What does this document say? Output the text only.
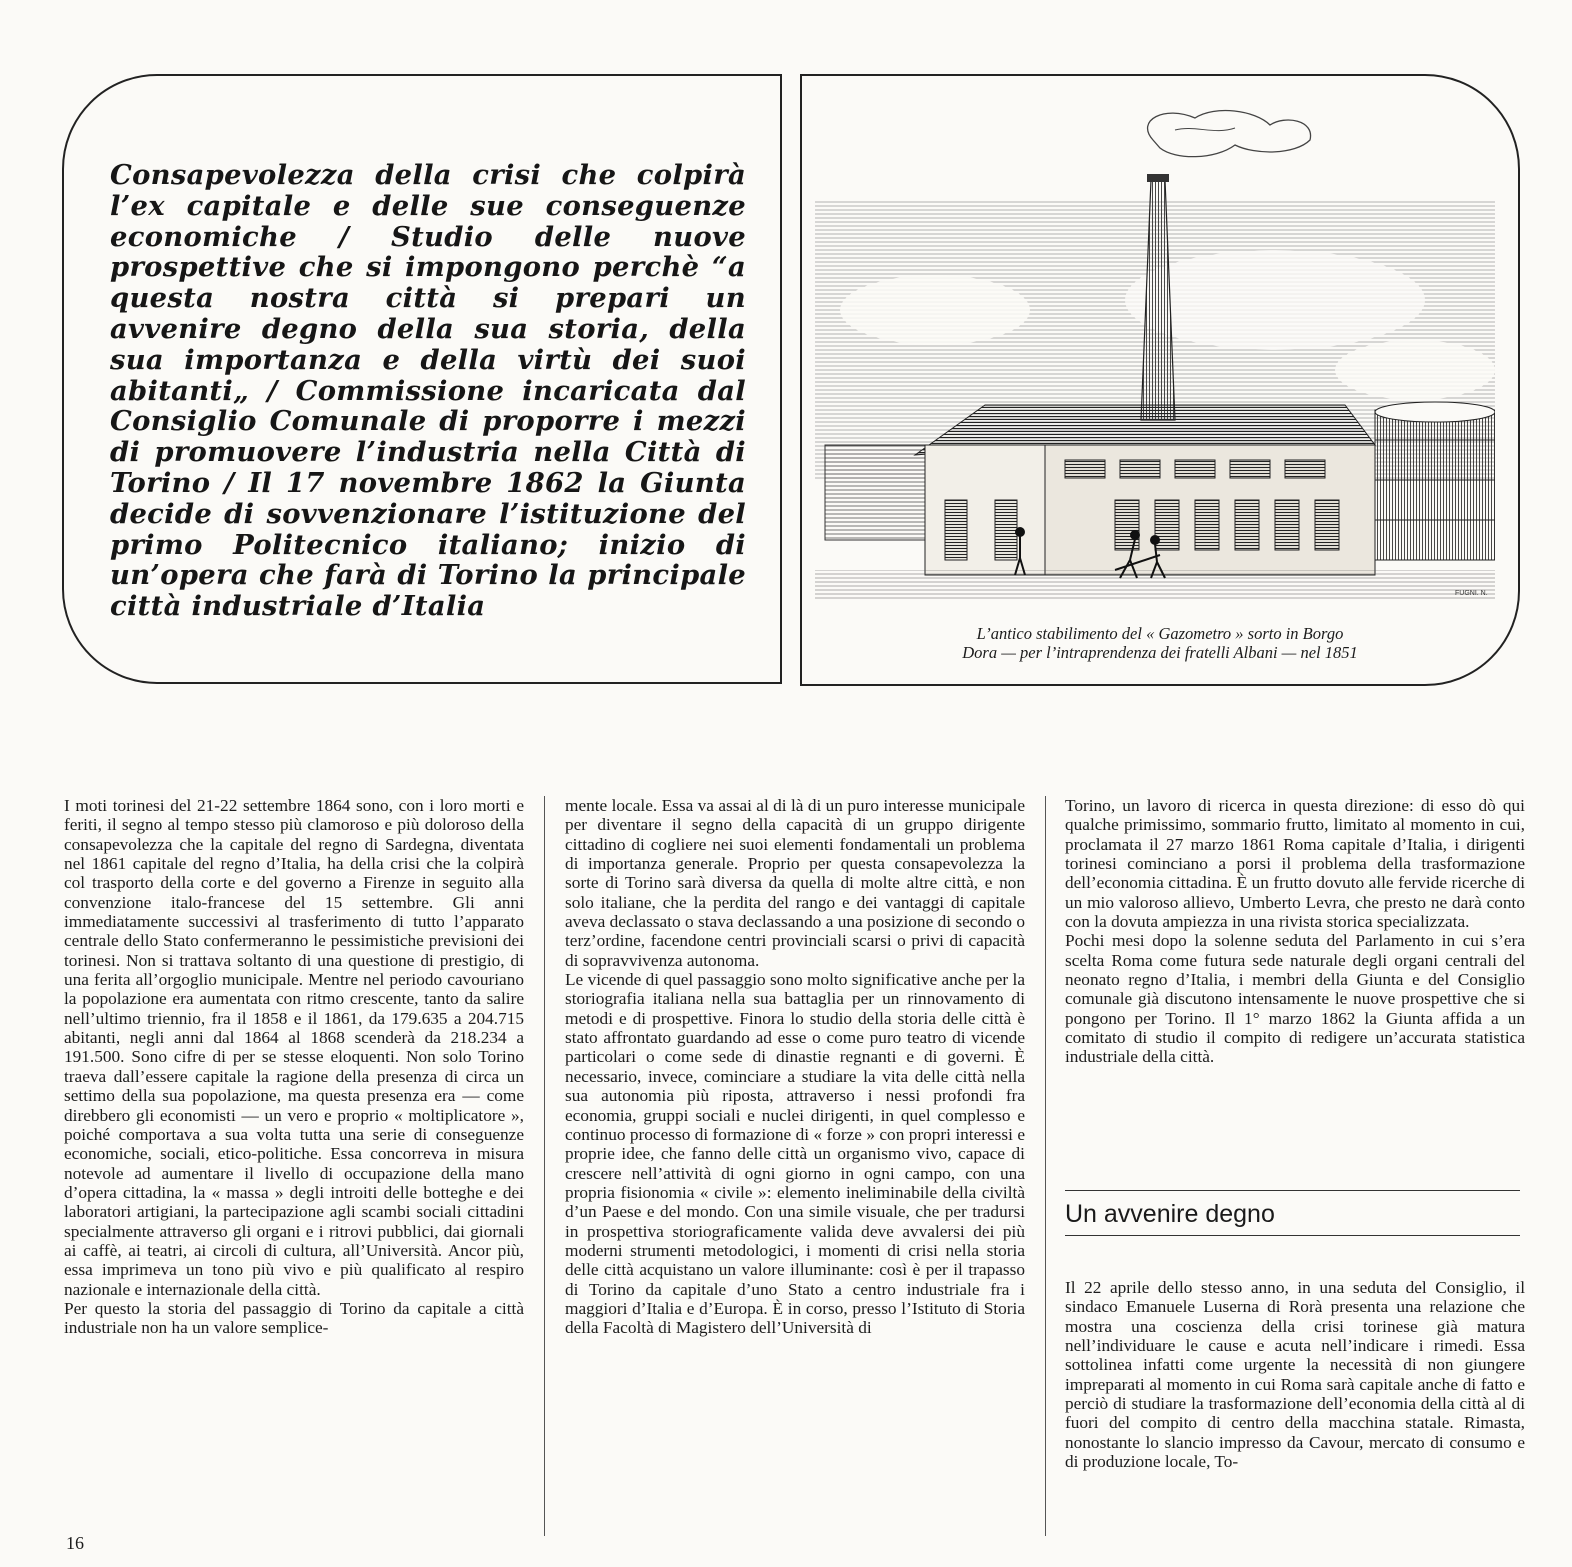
Consapevolezza della crisi che colpirà l’ex capitale e delle sue conseguenze economiche / Studio delle nuove prospettive che si impongono perchè “a questa nostra città si prepari un avvenire degno della sua storia, della sua importanza e della virtù dei suoi abitanti„ / Commissione incaricata dal Consiglio Comunale di proporre i mezzi di promuovere l’industria nella Città di Torino / Il 17 novembre 1862 la Giunta decide di sovvenzionare l’istituzione del primo Politecnico italiano; inizio di un’opera che farà di Torino la principale città industriale d’Italia	FUGNI. N.

L’antico stabilimento del « Gazometro » sorto in Borgo
Dora — per l’intraprendenza dei fratelli Albani — nel 1851

I moti torinesi del 21-22 settembre 1864 sono, con i loro morti e feriti, il segno al tempo stesso più clamoroso e più doloroso della consapevolezza che la capitale del regno di Sardegna, diventata nel 1861 capitale del regno d’Italia, ha della crisi che la colpirà col trasporto della corte e del governo a Firenze in seguito alla convenzione italo-francese del 15 settembre. Gli anni immediatamente successivi al trasferimento di tutto l’apparato centrale dello Stato confermeranno le pessimistiche previsioni dei torinesi. Non si trattava soltanto di una questione di prestigio, di una ferita all’orgoglio municipale. Mentre nel periodo cavouriano la popolazione era aumentata con ritmo crescente, tanto da salire nell’ultimo triennio, fra il 1858 e il 1861, da 179.635 a 204.715 abitanti, negli anni dal 1864 al 1868 scenderà da 218.234 a 191.500. Sono cifre di per se stesse eloquenti. Non solo Torino traeva dall’essere capitale la ragione della presenza di circa un settimo della sua popolazione, ma questa presenza era — come direbbero gli economisti — un vero e proprio « moltiplicatore », poiché comportava a sua volta tutta una serie di conseguenze economiche, sociali, etico-politiche. Essa concorreva in misura notevole ad aumentare il livello di occupazione della mano d’opera cittadina, la « massa » degli introiti delle botteghe e dei laboratori artigiani, la partecipazione agli scambi sociali cittadini specialmente attraverso gli organi e i ritrovi pubblici, dai giornali ai caffè, ai teatri, ai circoli di cultura, all’Università. Ancor più, essa imprimeva un tono più vivo e più qualificato al respiro nazionale e internazionale della città.

Per questo la storia del passaggio di Torino da capitale a città industriale non ha un valore semplice-

mente locale. Essa va assai al di là di un puro interesse municipale per diventare il segno della capacità di un gruppo dirigente cittadino di cogliere nei suoi elementi fondamentali un problema di importanza generale. Proprio per questa consapevolezza la sorte di Torino sarà diversa da quella di molte altre città, e non solo italiane, che la perdita del rango e dei vantaggi di capitale aveva declassato o stava declassando a una posizione di secondo o terz’ordine, facendone centri provinciali scarsi o privi di capacità di sopravvivenza autonoma.

Le vicende di quel passaggio sono molto significative anche per la storiografia italiana nella sua battaglia per un rinnovamento di metodi e di prospettive. Finora lo studio della storia delle città è stato affrontato guardando ad esse o come puro teatro di vicende particolari o come sede di dinastie regnanti e di governi. È necessario, invece, cominciare a studiare la vita delle città nella sua autonomia più riposta, attraverso i nessi profondi fra economia, gruppi sociali e nuclei dirigenti, in quel complesso e continuo processo di formazione di « forze » con propri interessi e proprie idee, che fanno delle città un organismo vivo, capace di crescere nell’attività di ogni giorno in ogni campo, con una propria fisionomia « civile »: elemento ineliminabile della civiltà d’un Paese e del mondo. Con una simile visuale, che per tradursi in prospettiva storiograficamente valida deve avvalersi dei più moderni strumenti metodologici, i momenti di crisi nella storia delle città acquistano un valore illuminante: così è per il trapasso di Torino da capitale d’uno Stato a centro industriale fra i maggiori d’Italia e d’Europa. È in corso, presso l’Istituto di Storia della Facoltà di Magistero dell’Università di

Torino, un lavoro di ricerca in questa direzione: di esso dò qui qualche primissimo, sommario frutto, limitato al momento in cui, proclamata il 27 marzo 1861 Roma capitale d’Italia, i dirigenti torinesi cominciano a porsi il problema della trasformazione dell’economia cittadina. È un frutto dovuto alle fervide ricerche di un mio valoroso allievo, Umberto Levra, che presto ne darà conto con la dovuta ampiezza in una rivista storica specializzata.

Pochi mesi dopo la solenne seduta del Parlamento in cui s’era scelta Roma come futura sede naturale degli organi centrali del neonato regno d’Italia, i membri della Giunta e del Consiglio comunale già discutono intensamente le nuove prospettive che si pongono per Torino. Il 1° marzo 1862 la Giunta affida a un comitato di studio il compito di redigere un’accurata statistica industriale della città.

Un avvenire degno

Il 22 aprile dello stesso anno, in una seduta del Consiglio, il sindaco Emanuele Luserna di Rorà presenta una relazione che mostra una coscienza della crisi torinese già matura nell’individuare le cause e acuta nell’indicare i rimedi. Essa sottolinea infatti come urgente la necessità di non giungere impreparati al momento in cui Roma sarà capitale anche di fatto e perciò di studiare la trasformazione dell’economia della città al di fuori del compito di centro della macchina statale. Rimasta, nonostante lo slancio impresso da Cavour, mercato di consumo e di produzione locale, To-

16
